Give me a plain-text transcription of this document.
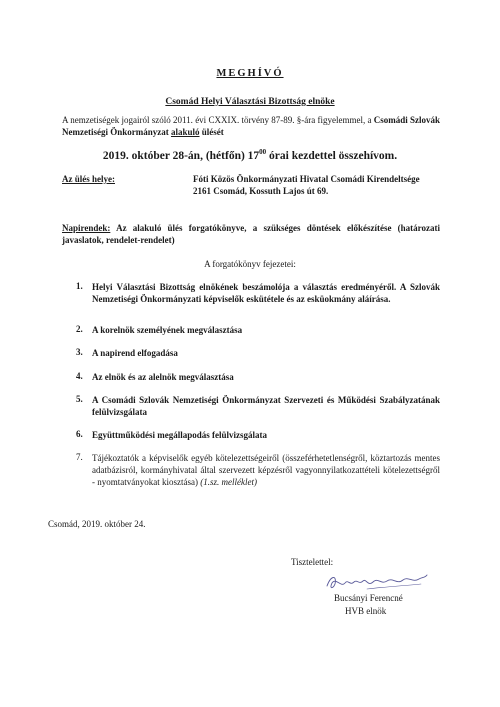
MEGHÍVÓ
Csomád Helyi Választási Bizottság elnöke
A nemzetiségek jogairól szóló 2011. évi CXXIX. törvény 87-89. §-ára figyelemmel, a Csomádi Szlovák Nemzetiségi Önkormányzat alakuló ülését
2019. október 28-án, (hétfőn) $17^{00}$ órai kezdettel összehívom.
Az ülés helye:	Fóti Közös Önkormányzati Hivatal Csomádi Kirendeltsége
2161 Csomád, Kossuth Lajos út 69.
Napirendek: Az alakuló ülés forgatókönyve, a szükséges döntések előkészítése (határozati javaslatok, rendelet-rendelet)
A forgatókönyv fejezetei:
1. Helyi Választási Bizottság elnökének beszámolója a választás eredményéről. A Szlovák Nemzetiségi Önkormányzati képviselők eskütétele és az esküokmány aláírása.
2. A korelnök személyének megválasztása
3. A napirend elfogadása
4. Az elnök és az alelnök megválasztása
5. A Csomádi Szlovák Nemzetiségi Önkormányzat Szervezeti és Működési Szabályzatának felülvizsgálata
6. Együttműködési megállapodás felülvizsgálata
7. Tájékoztatók a képviselők egyéb kötelezettségeiről (összeférhetetlenségről, köztartozás mentes adatbázisról, kormányhivatal által szervezett képzésről vagyonnyilatkozattételi kötelezettségről - nyomtatványokat kiosztása) (1.sz. melléklet)
Csomád, 2019. október 24.
Tisztelettel:
Bucsányi Ferencné
HVB elnök
